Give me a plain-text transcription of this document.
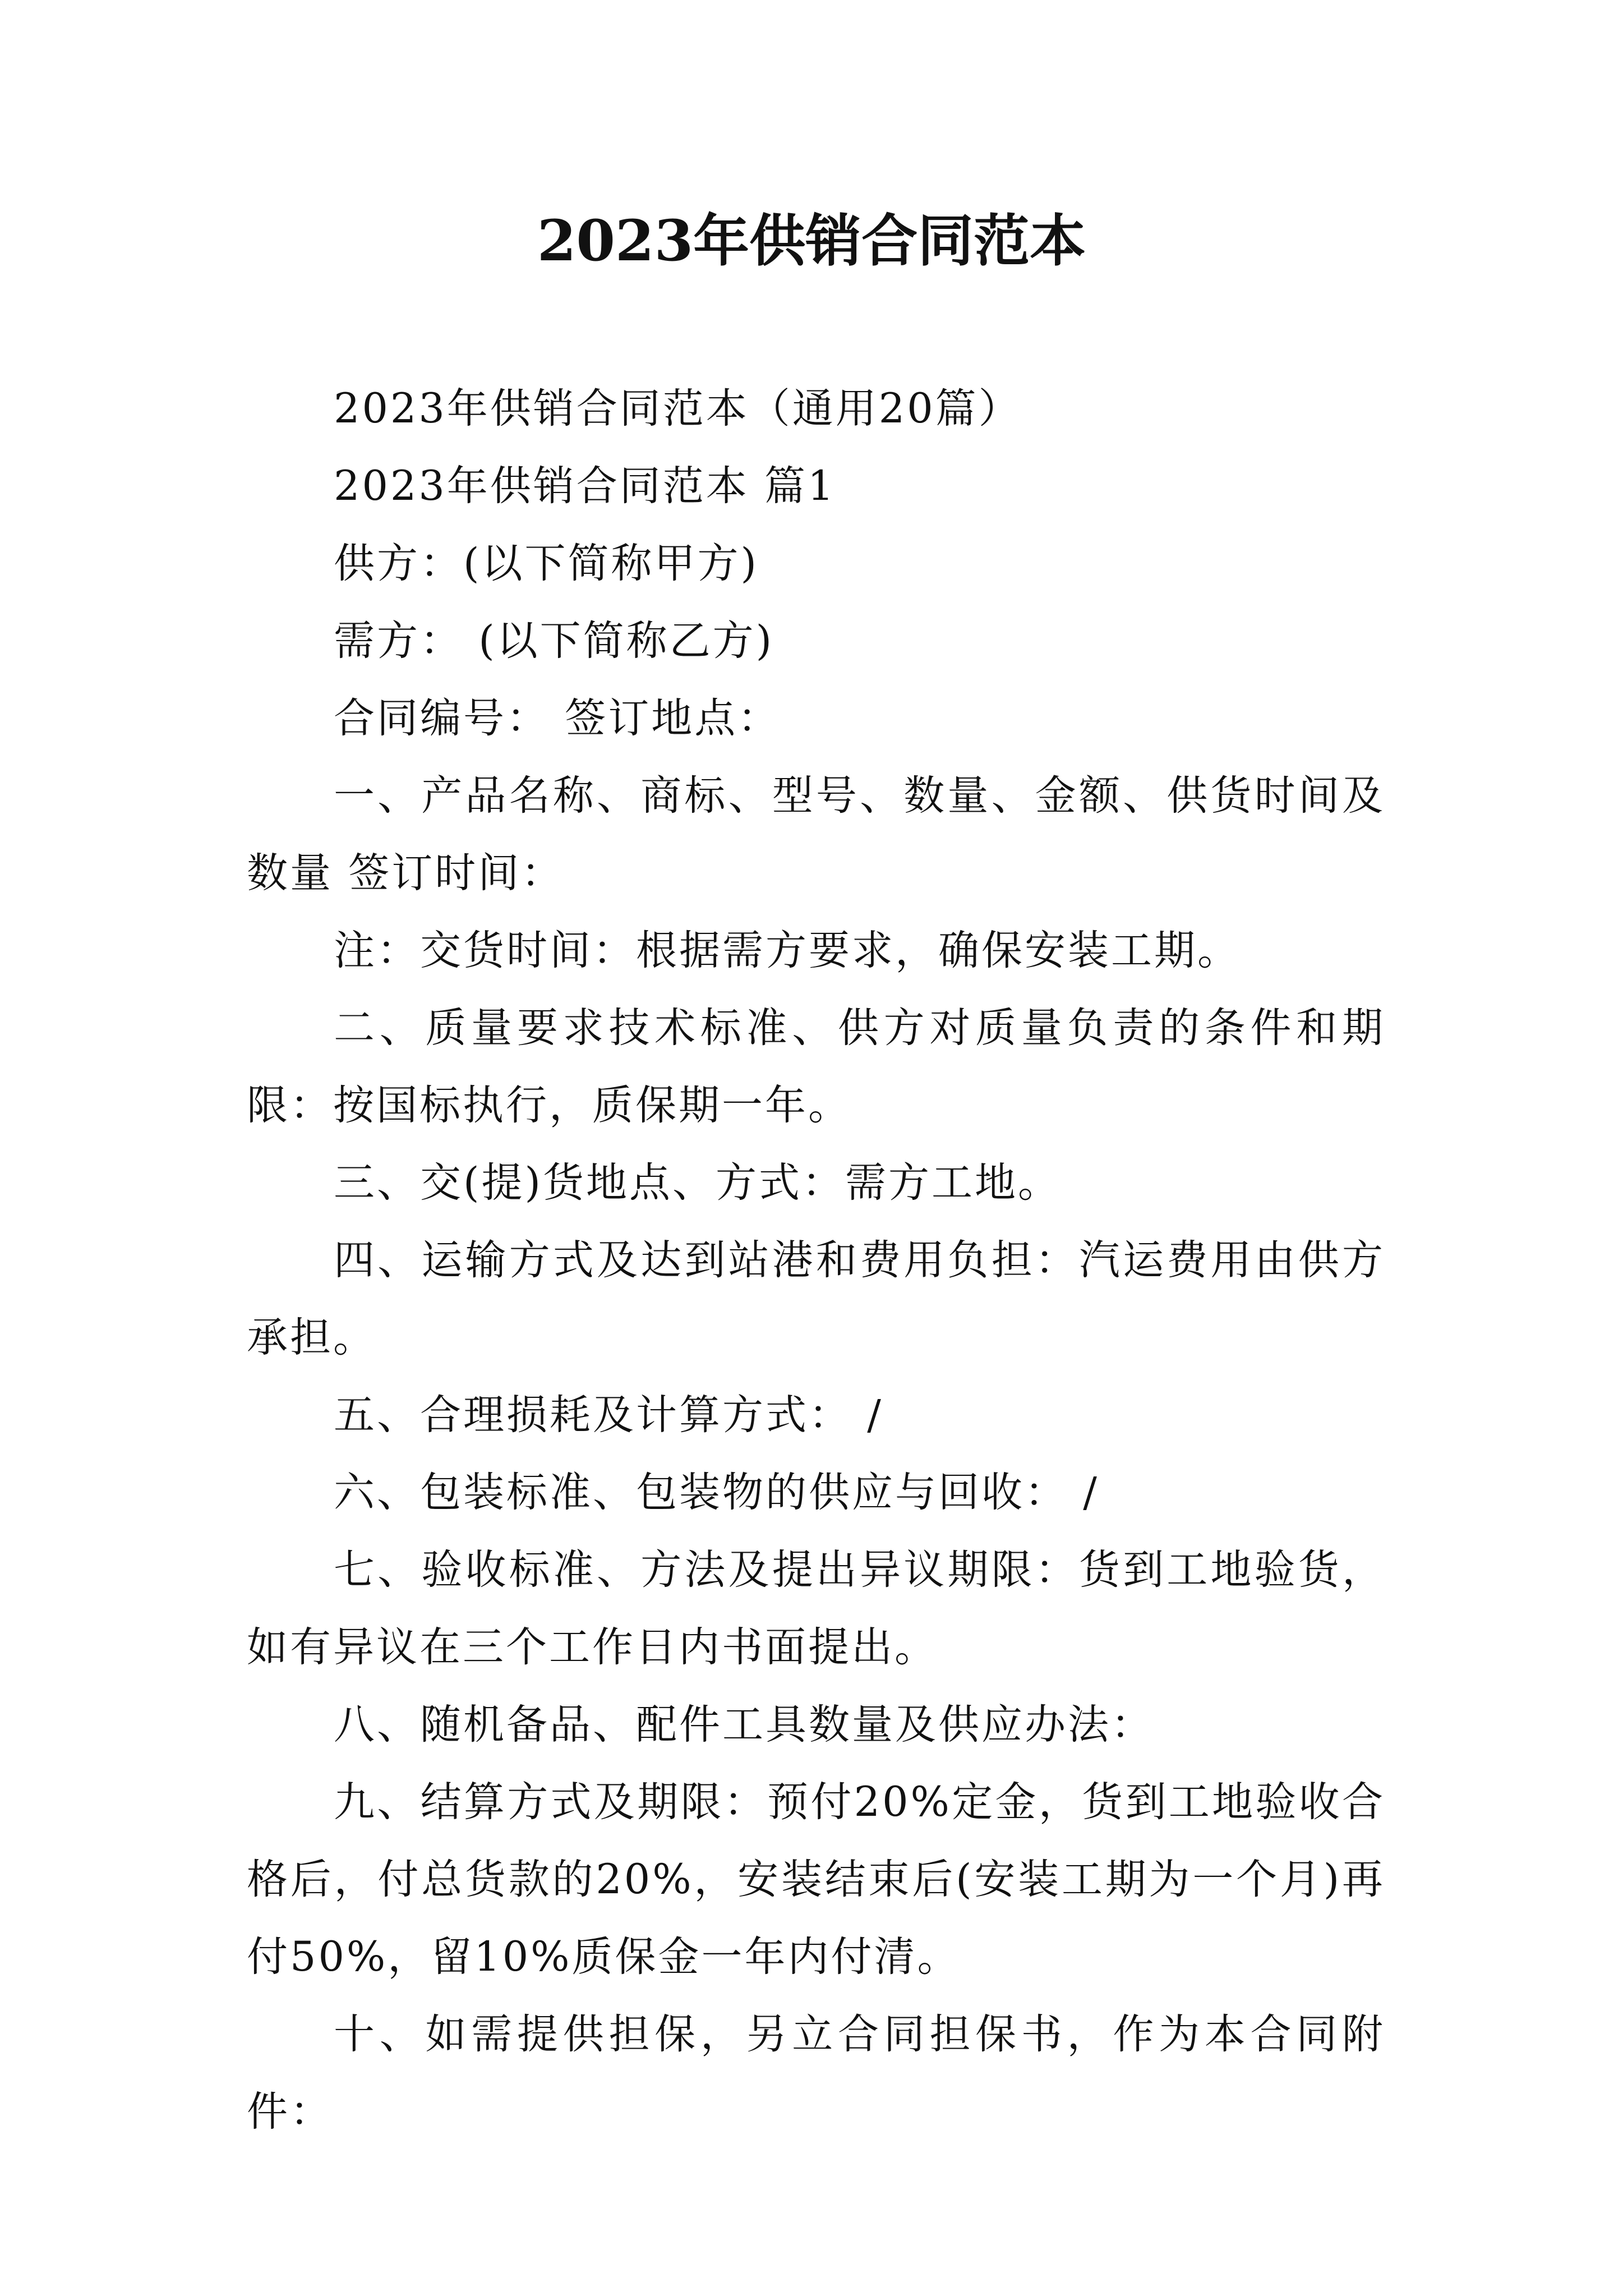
2023年供销合同范本

2023年供销合同范本（通用20篇）

2023年供销合同范本 篇1

供方：(以下简称甲方)

需方： (以下简称乙方)

合同编号： 签订地点：

一、产品名称、商标、型号、数量、金额、供货时间及数量 签订时间：

注：交货时间：根据需方要求，确保安装工期。

二、质量要求技术标准、供方对质量负责的条件和期限：按国标执行，质保期一年。

三、交(提)货地点、方式：需方工地。

四、运输方式及达到站港和费用负担：汽运费用由供方承担。

五、合理损耗及计算方式： /

六、包装标准、包装物的供应与回收： /

七、验收标准、方法及提出异议期限：货到工地验货，如有异议在三个工作日内书面提出。

八、随机备品、配件工具数量及供应办法：

九、结算方式及期限：预付20%定金，货到工地验收合格后，付总货款的20%，安装结束后(安装工期为一个月)再付50%，留10%质保金一年内付清。

十、如需提供担保，另立合同担保书，作为本合同附件：
